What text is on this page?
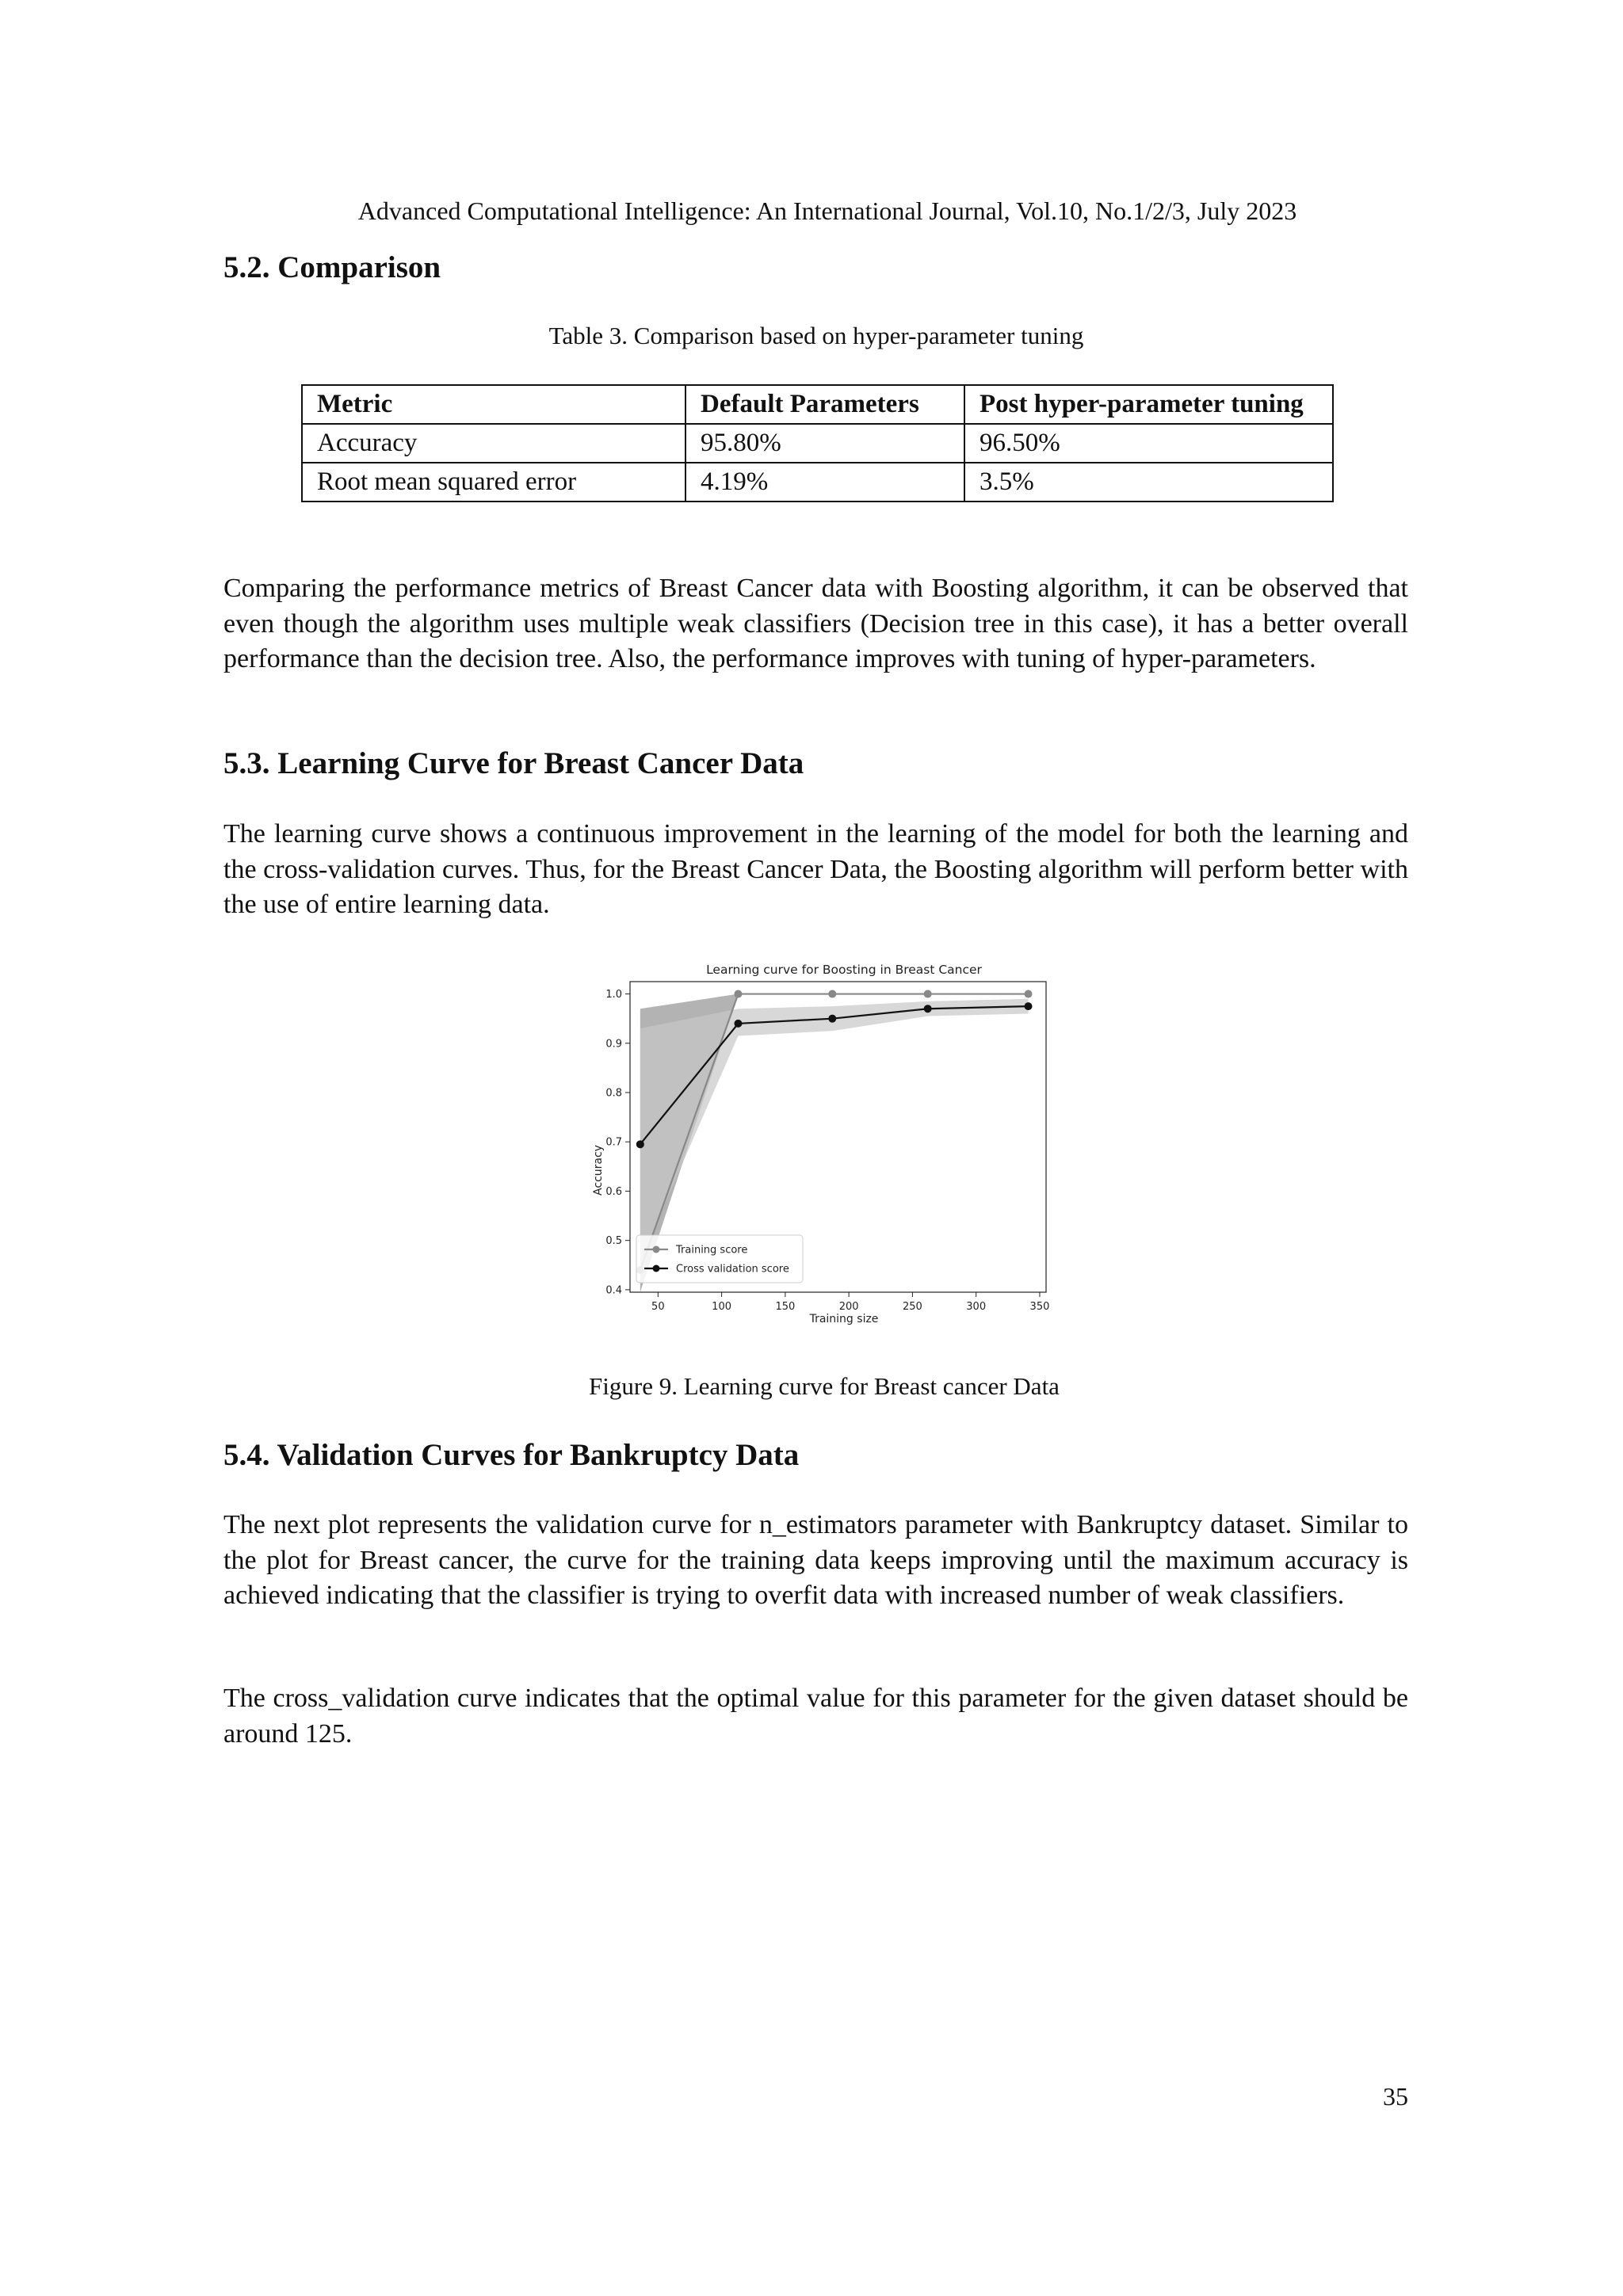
Advanced Computational Intelligence: An International Journal, Vol.10, No.1/2/3, July 2023
5.2. Comparison
Table 3. Comparison based on hyper-parameter tuning
Metric	Default Parameters	Post hyper-parameter tuning
Accuracy	95.80%	96.50%
Root mean squared error	4.19%	3.5%
Comparing the performance metrics of Breast Cancer data with Boosting algorithm, it can be observed that even though the algorithm uses multiple weak classifiers (Decision tree in this case), it has a better overall performance than the decision tree. Also, the performance improves with tuning of hyper-parameters.
5.3. Learning Curve for Breast Cancer Data
The learning curve shows a continuous improvement in the learning of the model for both the learning and the cross-validation curves. Thus, for the Breast Cancer Data, the Boosting algorithm will perform better with the use of entire learning data.
Learning curve for Boosting in Breast Cancer
Training size
Accuracy
50	100	150	200	250	300	350
0.4
0.5
0.6
0.7
0.8
0.9
1.0
Training score
Cross validation score
Figure 9. Learning curve for Breast cancer Data
5.4. Validation Curves for Bankruptcy Data
The next plot represents the validation curve for n_estimators parameter with Bankruptcy dataset. Similar to the plot for Breast cancer, the curve for the training data keeps improving until the maximum accuracy is achieved indicating that the classifier is trying to overfit data with increased number of weak classifiers.
The cross_validation curve indicates that the optimal value for this parameter for the given dataset should be around 125.
35
